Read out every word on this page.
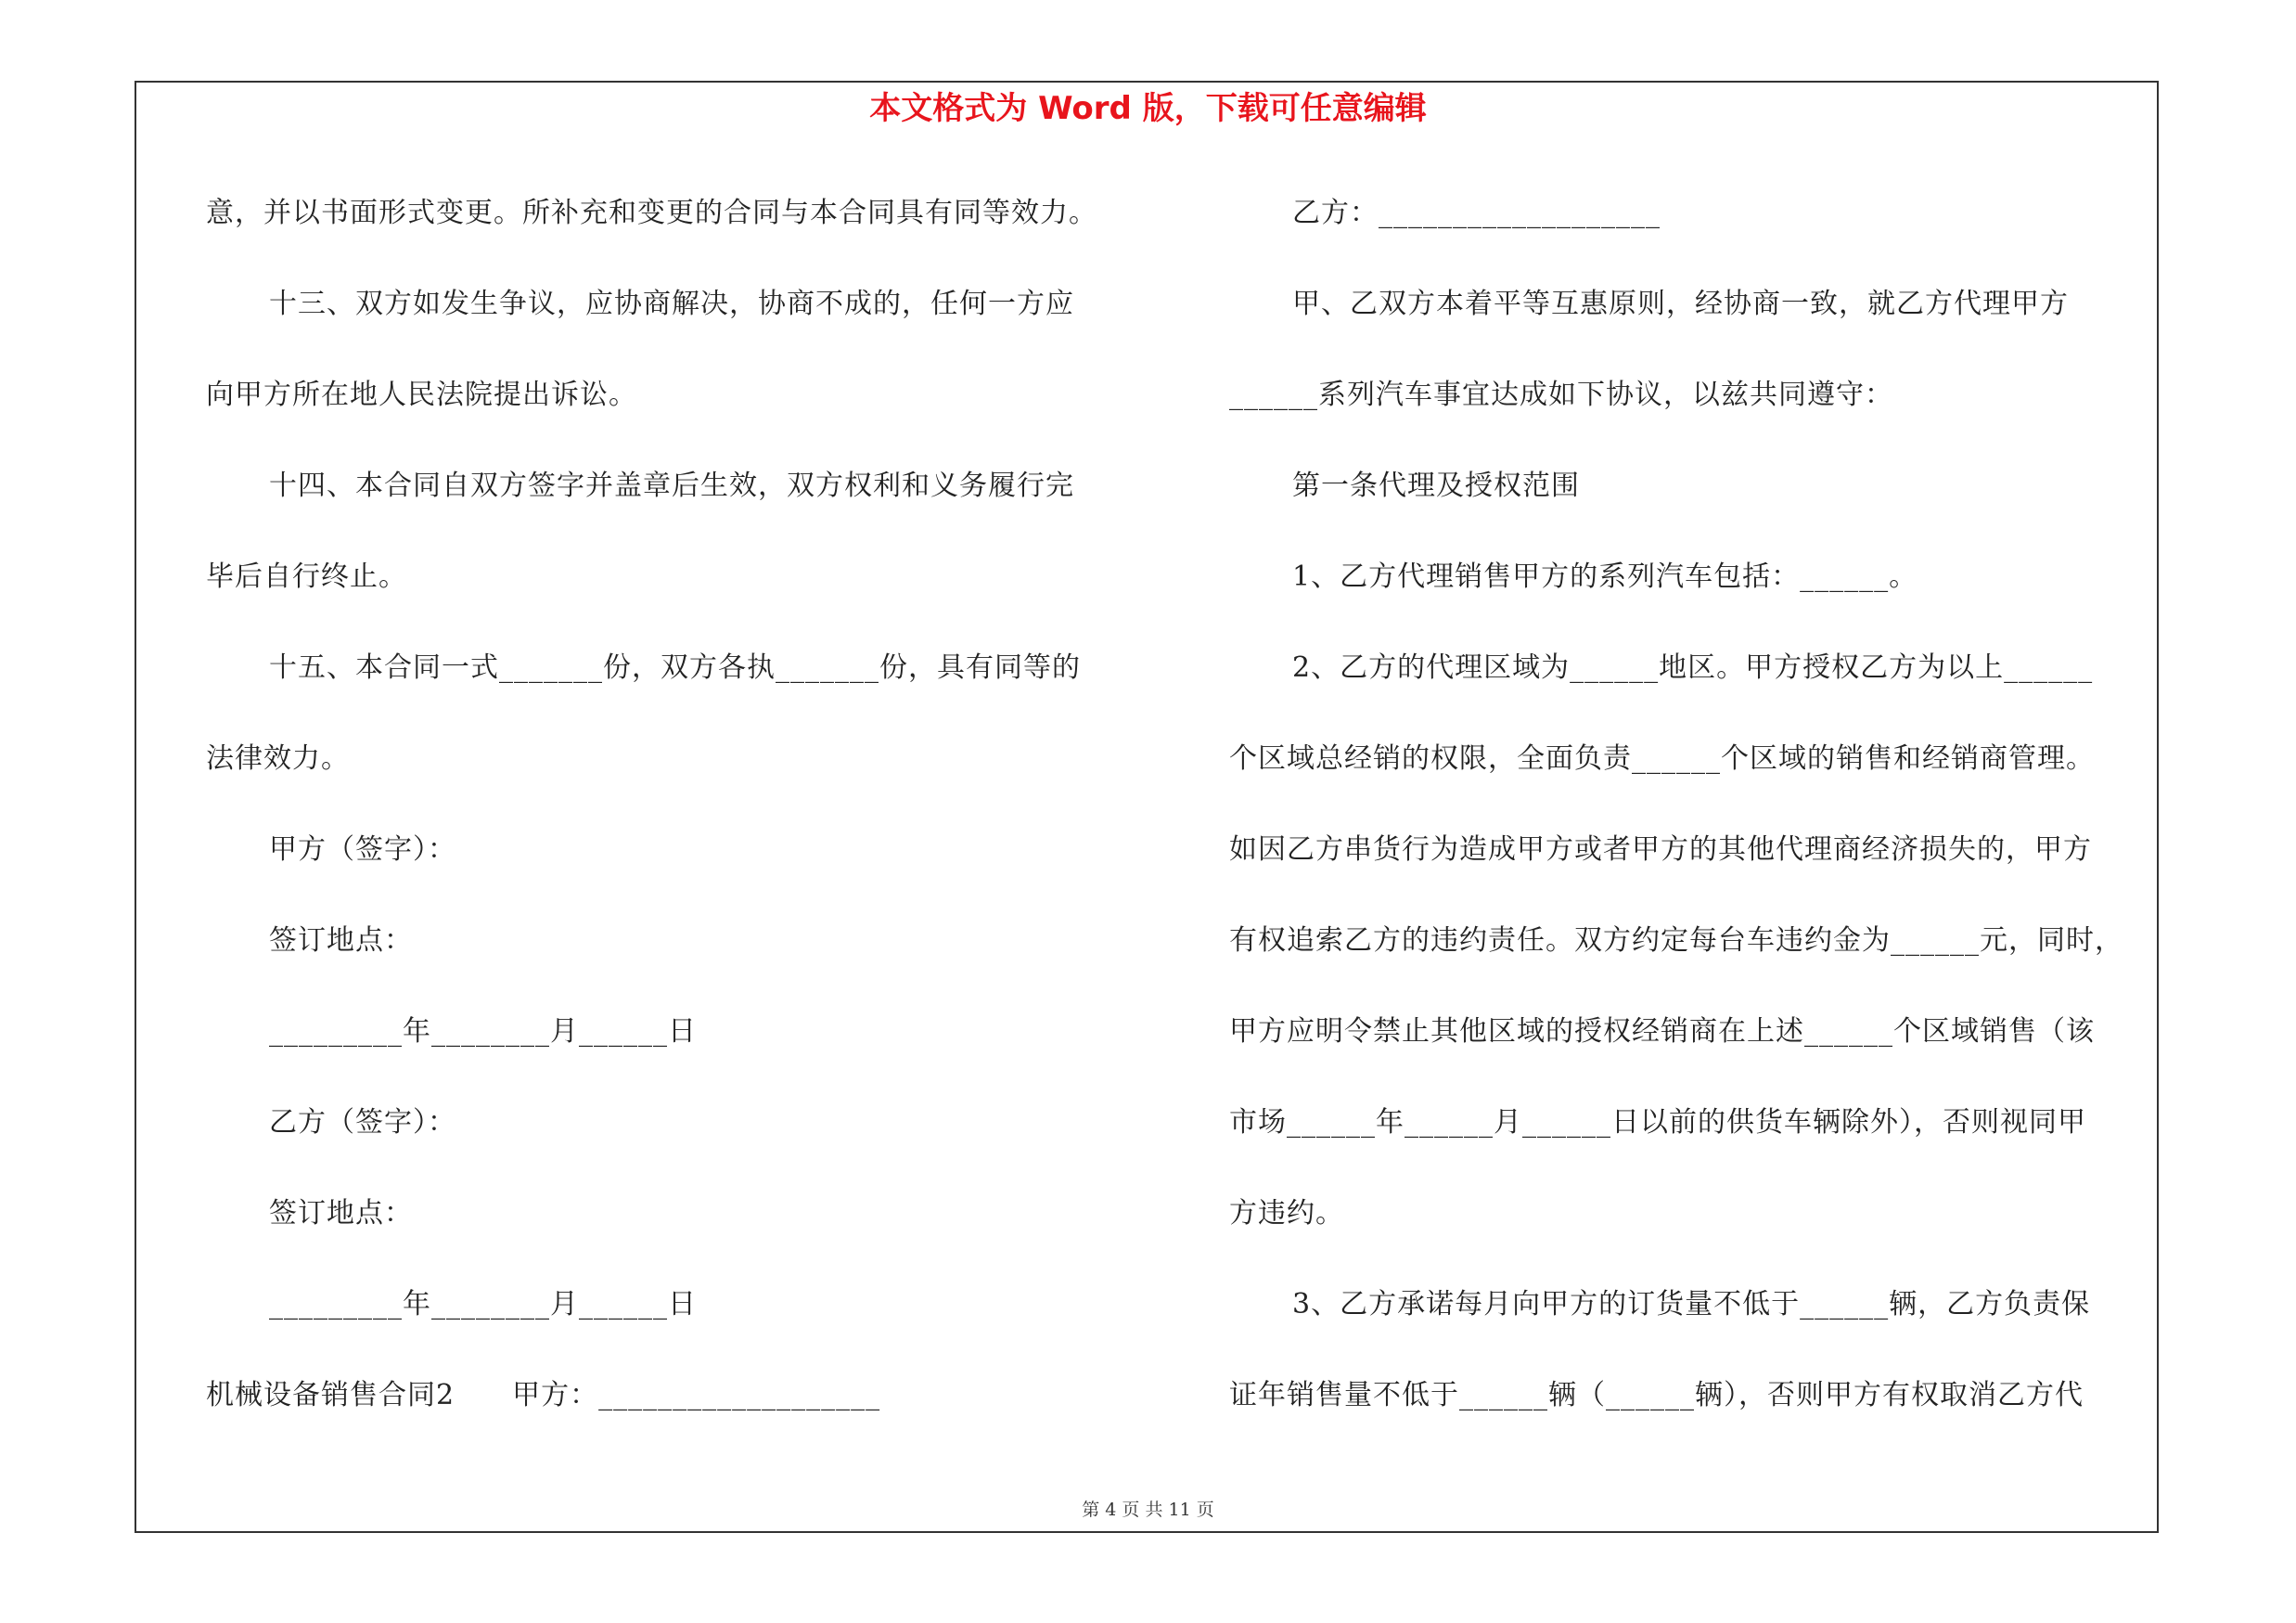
本文格式为 Word 版，下载可任意编辑
意，并以书面形式变更。所补充和变更的合同与本合同具有同等效力。
十三、双方如发生争议，应协商解决，协商不成的，任何一方应
向甲方所在地人民法院提出诉讼。
十四、本合同自双方签字并盖章后生效，双方权利和义务履行完
毕后自行终止。
十五、本合同一式_______份，双方各执_______份，具有同等的
法律效力。
甲方（签字）：
签订地点：
_________年________月______日
乙方（签字）：
签订地点：
_________年________月______日
机械设备销售合同2　　甲方：___________________
乙方：___________________
甲、乙双方本着平等互惠原则，经协商一致，就乙方代理甲方
______系列汽车事宜达成如下协议，以兹共同遵守：
第一条代理及授权范围
1、乙方代理销售甲方的系列汽车包括：______。
2、乙方的代理区域为______地区。甲方授权乙方为以上______
个区域总经销的权限，全面负责______个区域的销售和经销商管理。
如因乙方串货行为造成甲方或者甲方的其他代理商经济损失的，甲方
有权追索乙方的违约责任。双方约定每台车违约金为______元，同时，
甲方应明令禁止其他区域的授权经销商在上述______个区域销售（该
市场______年______月______日以前的供货车辆除外），否则视同甲
方违约。
3、乙方承诺每月向甲方的订货量不低于______辆，乙方负责保
证年销售量不低于______辆（______辆），否则甲方有权取消乙方代
第 4 页 共 11 页
